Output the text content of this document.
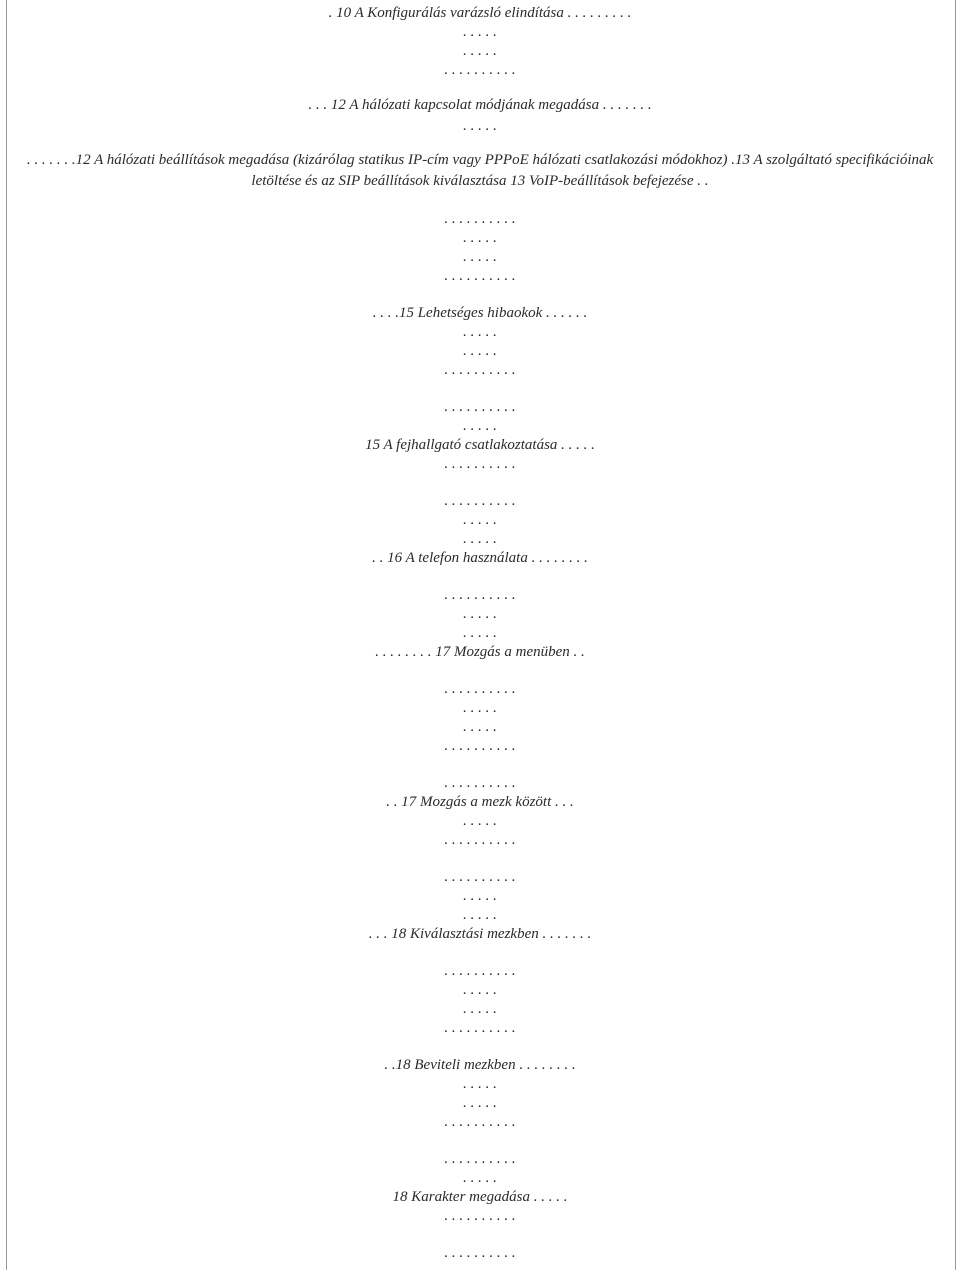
. 10 A Konfigurálás varázsló elindítása . . . . . . . . .
. . . . .
. . . . .
. . . . . . . . . .
. . . 12 A hálózati kapcsolat módjának megadása . . . . . . .
. . . . .
. . . . . . .12 A hálózati beállítások megadása (kizárólag statikus IP-cím vagy PPPoE hálózati csatlakozási módokhoz) .13 A szolgáltató specifikációinak letöltése és az SIP beállítások kiválasztása 13 VoIP-beállítások befejezése . .
. . . . . . . . . .
. . . . .
. . . . .
. . . . . . . . . .
. . . .15 Lehetséges hibaokok . . . . . .
. . . . .
. . . . .
. . . . . . . . . .
. . . . . . . . . .
. . . . .
15 A fejhallgató csatlakoztatása . . . . .
. . . . . . . . . .
. . . . . . . . . .
. . . . .
. . . . .
. . 16 A telefon használata . . . . . . . .
. . . . . . . . . .
. . . . .
. . . . .
. . . . . . . . 17 Mozgás a menüben . .
. . . . . . . . . .
. . . . .
. . . . .
. . . . . . . . . .
. . . . . . . . . .
. . 17 Mozgás a mezk között . . .
. . . . .
. . . . . . . . . .
. . . . . . . . . .
. . . . .
. . . . .
. . . 18 Kiválasztási mezkben . . . . . . .
. . . . . . . . . .
. . . . .
. . . . .
. . . . . . . . . .
. .18 Beviteli mezkben . . . . . . . .
. . . . .
. . . . .
. . . . . . . . . .
. . . . . . . . . .
. . . . .
18 Karakter megadása . . . . .
. . . . . . . . . .
. . . . . . . . . .
